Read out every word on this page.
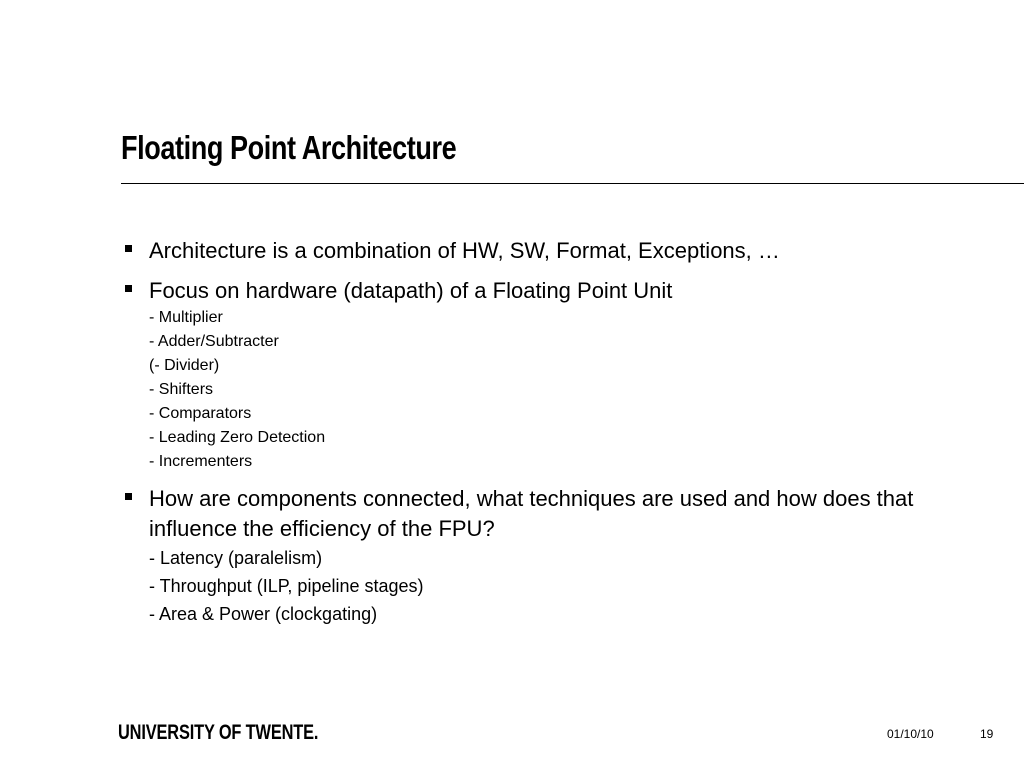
Floating Point Architecture
Architecture is a combination of HW, SW, Format, Exceptions, …
Focus on hardware (datapath) of a Floating Point Unit
- Multiplier
- Adder/Subtracter
(- Divider)
- Shifters
- Comparators
- Leading Zero Detection
- Incrementers
How are components connected, what techniques are used and how does that influence the efficiency of the FPU?
- Latency (paralelism)
- Throughput (ILP, pipeline stages)
- Area & Power (clockgating)
UNIVERSITY OF TWENTE.	01/10/10	19
